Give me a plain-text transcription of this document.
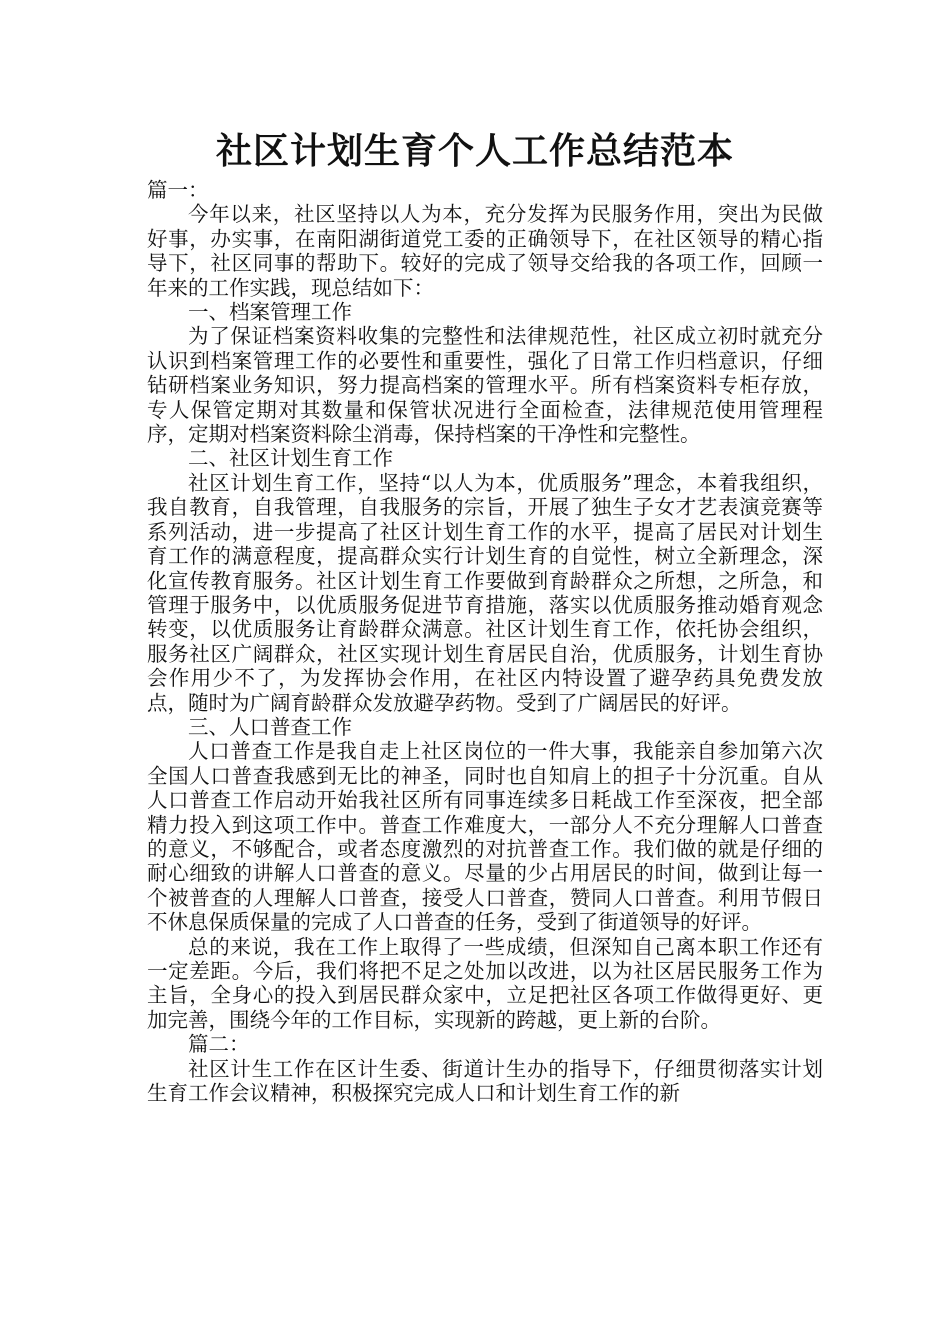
社区计划生育个人工作总结范本

篇一：

今年以来，社区坚持以人为本，充分发挥为民服务作用，突出为民做好事，办实事，在南阳湖街道党工委的正确领导下，在社区领导的精心指导下，社区同事的帮助下。较好的完成了领导交给我的各项工作，回顾一年来的工作实践，现总结如下：

一、档案管理工作

为了保证档案资料收集的完整性和法律规范性，社区成立初时就充分认识到档案管理工作的必要性和重要性，强化了日常工作归档意识，仔细钻研档案业务知识，努力提高档案的管理水平。所有档案资料专柜存放，专人保管定期对其数量和保管状况进行全面检查，法律规范使用管理程序，定期对档案资料除尘消毒，保持档案的干净性和完整性。

二、社区计划生育工作

社区计划生育工作，坚持“以人为本，优质服务”理念，本着我组织，我自教育，自我管理，自我服务的宗旨，开展了独生子女才艺表演竞赛等系列活动，进一步提高了社区计划生育工作的水平，提高了居民对计划生育工作的满意程度，提高群众实行计划生育的自觉性，树立全新理念，深化宣传教育服务。社区计划生育工作要做到育龄群众之所想，之所急，和管理于服务中，以优质服务促进节育措施，落实以优质服务推动婚育观念转变，以优质服务让育龄群众满意。社区计划生育工作，依托协会组织，服务社区广阔群众，社区实现计划生育居民自治，优质服务，计划生育协会作用少不了，为发挥协会作用，在社区内特设置了避孕药具免费发放点，随时为广阔育龄群众发放避孕药物。受到了广阔居民的好评。

三、人口普查工作

人口普查工作是我自走上社区岗位的一件大事，我能亲自参加第六次全国人口普查我感到无比的神圣，同时也自知肩上的担子十分沉重。自从人口普查工作启动开始我社区所有同事连续多日耗战工作至深夜，把全部精力投入到这项工作中。普查工作难度大，一部分人不充分理解人口普查的意义，不够配合，或者态度激烈的对抗普查工作。我们做的就是仔细的耐心细致的讲解人口普查的意义。尽量的少占用居民的时间，做到让每一个被普查的人理解人口普查，接受人口普查，赞同人口普查。利用节假日不休息保质保量的完成了人口普查的任务，受到了街道领导的好评。

总的来说，我在工作上取得了一些成绩，但深知自己离本职工作还有一定差距。今后，我们将把不足之处加以改进，以为社区居民服务工作为主旨，全身心的投入到居民群众家中，立足把社区各项工作做得更好、更加完善，围绕今年的工作目标，实现新的跨越，更上新的台阶。

篇二：

社区计生工作在区计生委、街道计生办的指导下，仔细贯彻落实计划生育工作会议精神，积极探究完成人口和计划生育工作的新
